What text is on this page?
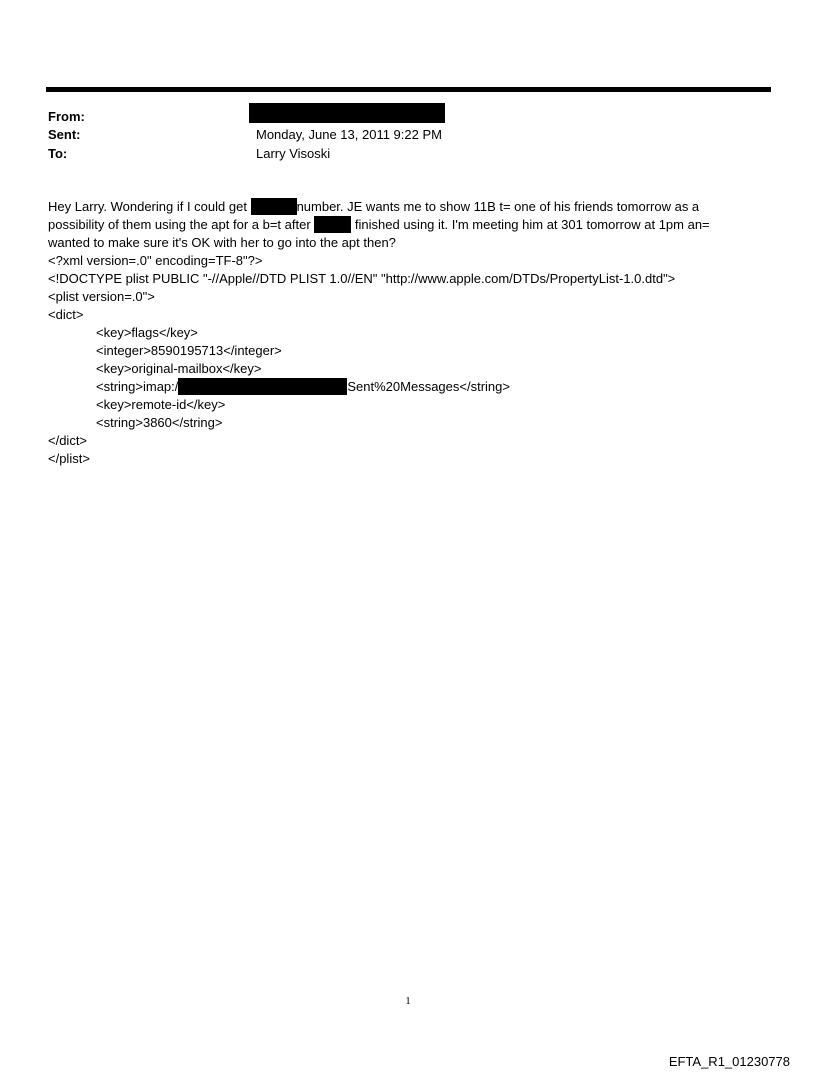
From:
Sent:	Monday, June 13, 2011 9:22 PM
To:	Larry Visoski
Hey Larry. Wondering if I could get	number. JE wants me to show 11B t= one of his friends tomorrow as a
possibility of them using the apt for a b=t after	finished using it. I'm meeting him at 301 tomorrow at 1pm an=
wanted to make sure it's OK with her to go into the apt then?
<?xml version=.0" encoding=TF-8"?>
<!DOCTYPE plist PUBLIC "-//Apple//DTD PLIST 1.0//EN" "http://www.apple.com/DTDs/PropertyList-1.0.dtd">
<plist version=.0">
<dict>
<key>flags</key>
<integer>8590195713</integer>
<key>original-mailbox</key>
<string>imap:/	Sent%20Messages</string>
<key>remote-id</key>
<string>3860</string>
</dict>
</plist>
1
EFTA_R1_01230778
